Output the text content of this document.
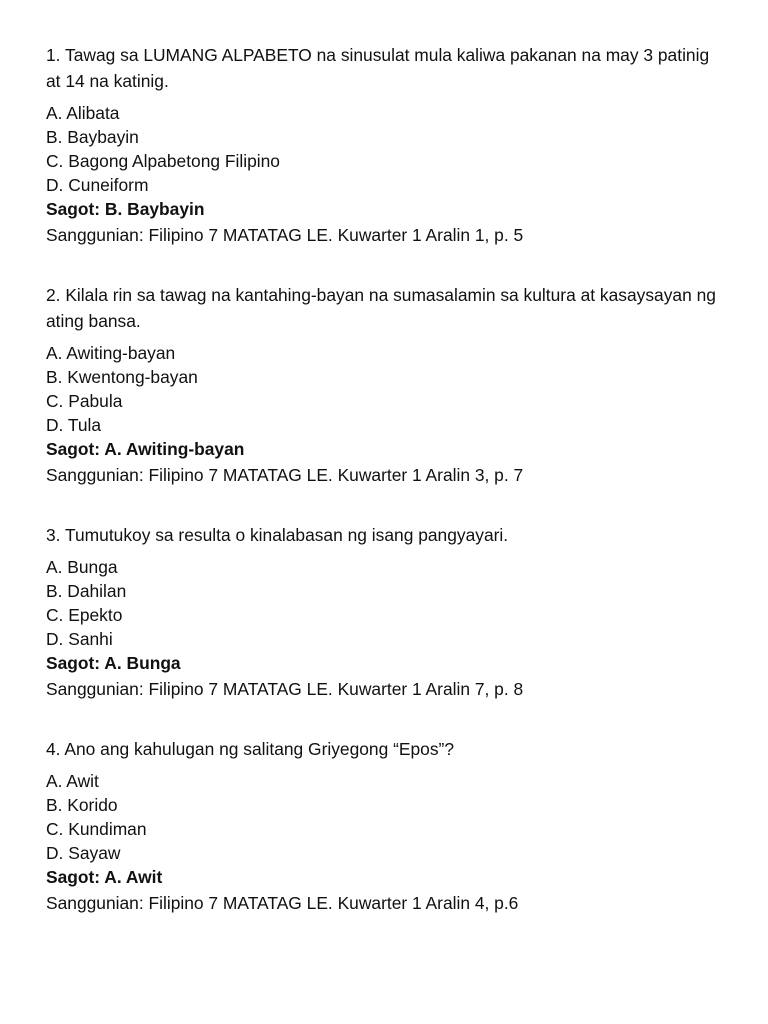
1. Tawag sa LUMANG ALPABETO na sinusulat mula kaliwa pakanan na may 3 patinig at 14 na katinig.

A. Alibata
B. Baybayin
C. Bagong Alpabetong Filipino
D. Cuneiform
Sagot: B. Baybayin
Sanggunian: Filipino 7 MATATAG LE. Kuwarter 1 Aralin 1, p. 5

2. Kilala rin sa tawag na kantahing-bayan na sumasalamin sa kultura at kasaysayan ng ating bansa.

A. Awiting-bayan
B. Kwentong-bayan
C. Pabula
D. Tula
Sagot: A. Awiting-bayan
Sanggunian: Filipino 7 MATATAG LE. Kuwarter 1 Aralin 3, p. 7

3. Tumutukoy sa resulta o kinalabasan ng isang pangyayari.

A. Bunga
B. Dahilan
C. Epekto
D. Sanhi
Sagot: A. Bunga
Sanggunian: Filipino 7 MATATAG LE. Kuwarter 1 Aralin 7, p. 8

4. Ano ang kahulugan ng salitang Griyegong “Epos”?

A. Awit
B. Korido
C. Kundiman
D. Sayaw
Sagot: A. Awit
Sanggunian: Filipino 7 MATATAG LE. Kuwarter 1 Aralin 4, p.6
